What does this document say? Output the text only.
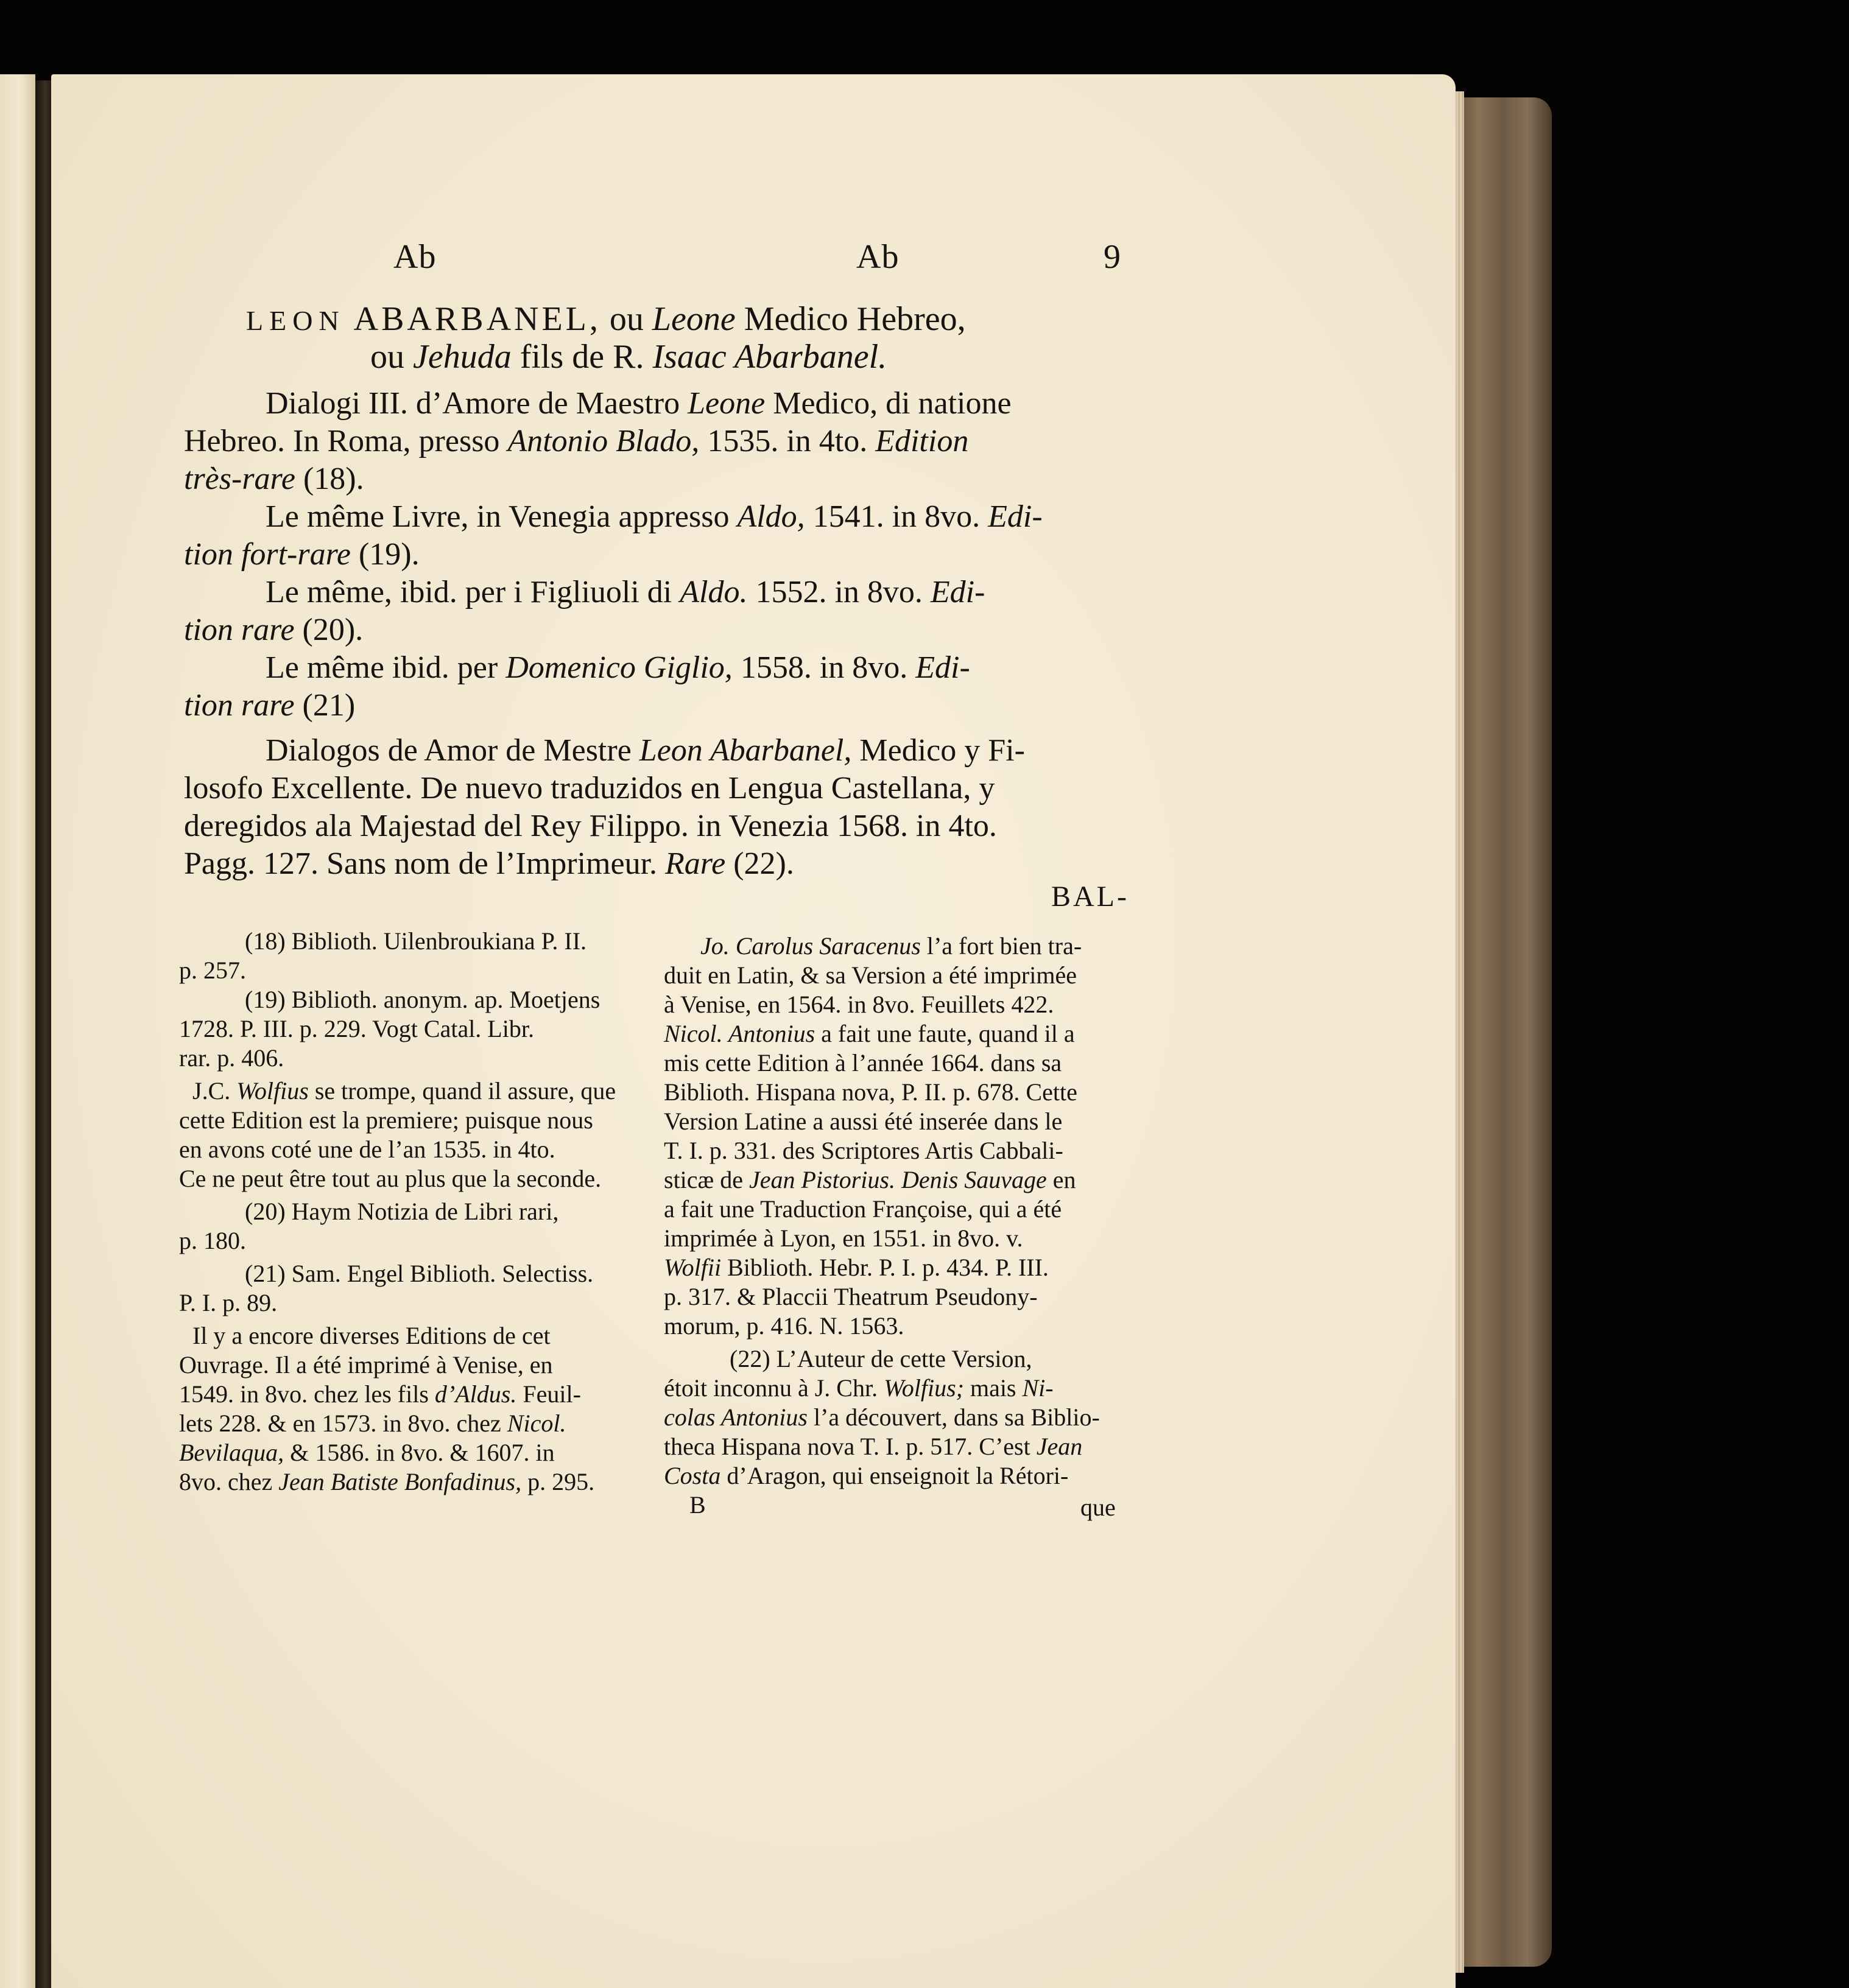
Ab	Ab	9
LEON ABARBANEL, ou Leone Medico Hebreo,
ou Jehuda fils de R. Isaac Abarbanel.
Dialogi III. d’Amore de Maestro Leone Medico, di natione
Hebreo. In Roma, presso Antonio Blado, 1535. in 4to. Edition
très-rare (18).
Le même Livre, in Venegia appresso Aldo, 1541. in 8vo. Edi-
tion fort-rare (19).
Le même, ibid. per i Figliuoli di Aldo. 1552. in 8vo. Edi-
tion rare (20).
Le même ibid. per Domenico Giglio, 1558. in 8vo. Edi-
tion rare (21)
Dialogos de Amor de Mestre Leon Abarbanel, Medico y Fi-
losofo Excellente. De nuevo traduzidos en Lengua Castellana, y
deregidos ala Majestad del Rey Filippo. in Venezia 1568. in 4to.
Pagg. 127. Sans nom de l’Imprimeur. Rare (22).
BAL-
(18) Biblioth. Uilenbroukiana P. II.
p. 257.
(19) Biblioth. anonym. ap. Moetjens
1728. P. III. p. 229. Vogt Catal. Libr.
rar. p. 406.
J.C. Wolfius se trompe, quand il assure, que
cette Edition est la premiere; puisque nous
en avons coté une de l’an 1535. in 4to.
Ce ne peut être tout au plus que la seconde.
(20) Haym Notizia de Libri rari,
p. 180.
(21) Sam. Engel Biblioth. Selectiss.
P. I. p. 89.
Il y a encore diverses Editions de cet
Ouvrage. Il a été imprimé à Venise, en
1549. in 8vo. chez les fils d’Aldus. Feuil-
lets 228. & en 1573. in 8vo. chez Nicol.
Bevilaqua, & 1586. in 8vo. & 1607. in
8vo. chez Jean Batiste Bonfadinus, p. 295.
Jo. Carolus Saracenus l’a fort bien tra-
duit en Latin, & sa Version a été imprimée
à Venise, en 1564. in 8vo. Feuillets 422.
Nicol. Antonius a fait une faute, quand il a
mis cette Edition à l’année 1664. dans sa
Biblioth. Hispana nova, P. II. p. 678. Cette
Version Latine a aussi été inserée dans le
T. I. p. 331. des Scriptores Artis Cabbali-
sticæ de Jean Pistorius. Denis Sauvage en
a fait une Traduction Françoise, qui a été
imprimée à Lyon, en 1551. in 8vo. v.
Wolfii Biblioth. Hebr. P. I. p. 434. P. III.
p. 317. & Placcii Theatrum Pseudony-
morum, p. 416. N. 1563.
(22) L’Auteur de cette Version,
étoit inconnu à J. Chr. Wolfius; mais Ni-
colas Antonius l’a découvert, dans sa Biblio-
theca Hispana nova T. I. p. 517. C’est Jean
Costa d’Aragon, qui enseignoit la Rétori-
B	que
